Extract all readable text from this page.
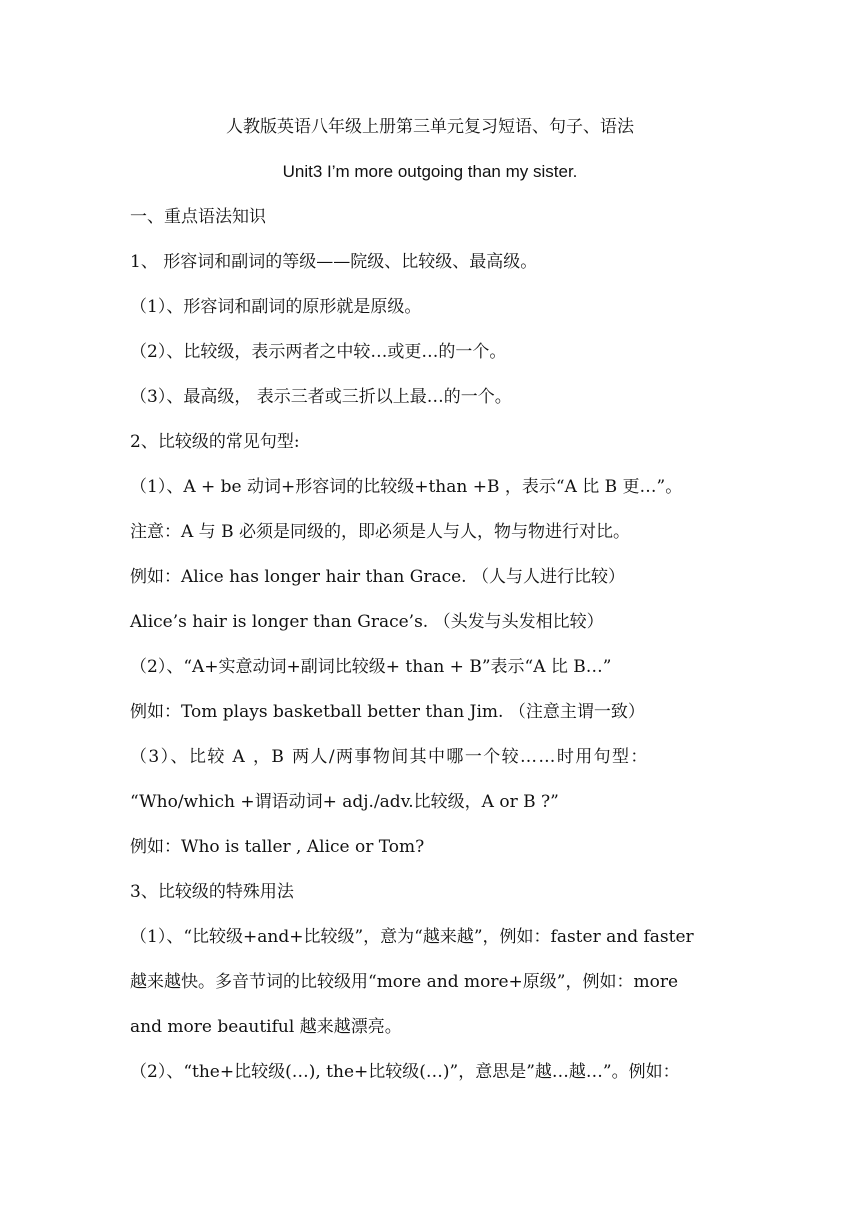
人教版英语八年级上册第三单元复习短语、句子、语法
Unit3 I’m more outgoing than my sister.
一、重点语法知识
1、 形容词和副词的等级——院级、比较级、最高级。
（1）、形容词和副词的原形就是原级。
（2）、比较级，表示两者之中较…或更…的一个。
（3）、最高级， 表示三者或三折以上最…的一个。
2、比较级的常见句型:
（1）、A + be 动词+形容词的比较级+than +B ，表示“A 比 B 更…”。
注意：A 与 B 必须是同级的，即必须是人与人，物与物进行对比。
例如：Alice has longer hair than Grace. （人与人进行比较）
Alice’s hair is longer than Grace’s. （头发与头发相比较）
（2）、“A+实意动词+副词比较级+ than + B”表示“A 比 B…”
例如：Tom plays basketball better than Jim. （注意主谓一致）
（3）、比较 A ，B 两人/两事物间其中哪一个较……时用句型：
“Who/which +谓语动词+ adj./adv.比较级，A or B ?”
例如：Who is taller , Alice or Tom?
3、比较级的特殊用法
（1）、“比较级+and+比较级”，意为“越来越”，例如：faster and faster
越来越快。多音节词的比较级用“more and more+原级”，例如：more
and more beautiful 越来越漂亮。
（2）、“the+比较级(…), the+比较级(…)”，意思是”越…越…”。例如：
